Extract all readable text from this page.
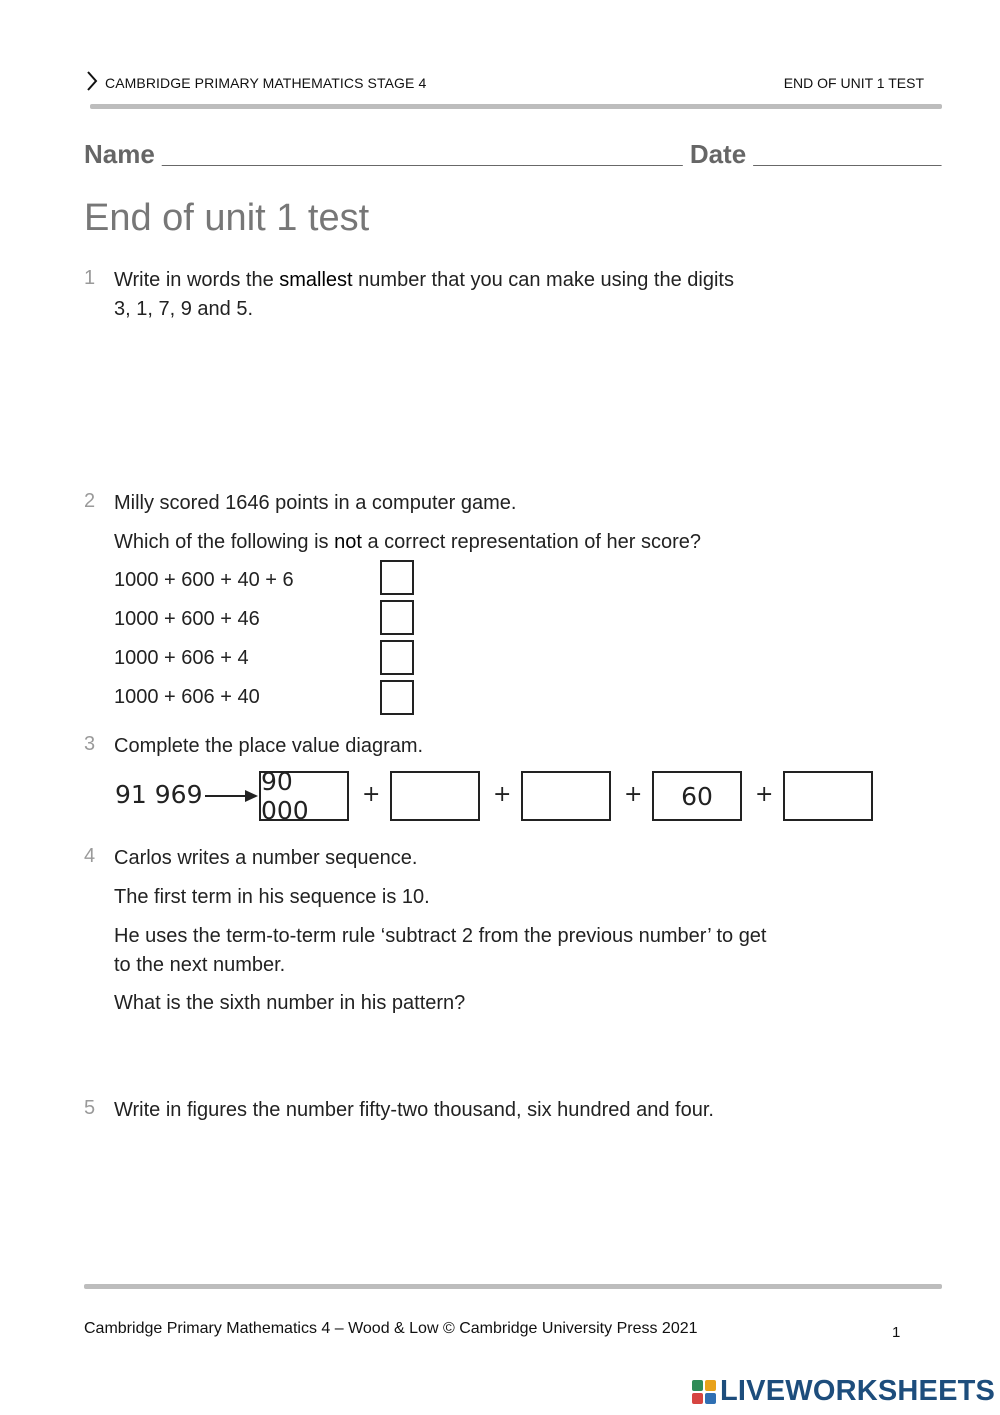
CAMBRIDGE PRIMARY MATHEMATICS STAGE 4	END OF UNIT 1 TEST
Name ____________________________________ Date _____________
End of unit 1 test
1 Write in words the smallest number that you can make using the digits
3, 1, 7, 9 and 5.
2 Milly scored 1646 points in a computer game.
Which of the following is not a correct representation of her score?
1000 + 600 + 40 + 6
1000 + 600 + 46
1000 + 606 + 4
1000 + 606 + 40
3 Complete the place value diagram.
91 969 90 000
+	+	+	60	+
4 Carlos writes a number sequence.
The first term in his sequence is 10.
He uses the term-to-term rule ‘subtract 2 from the previous number’ to get
to the next number.
What is the sixth number in his pattern?
5 Write in figures the number fifty-two thousand, six hundred and four.
Cambridge Primary Mathematics 4 – Wood & Low © Cambridge University Press 2021	1
LIVEWORKSHEETS
